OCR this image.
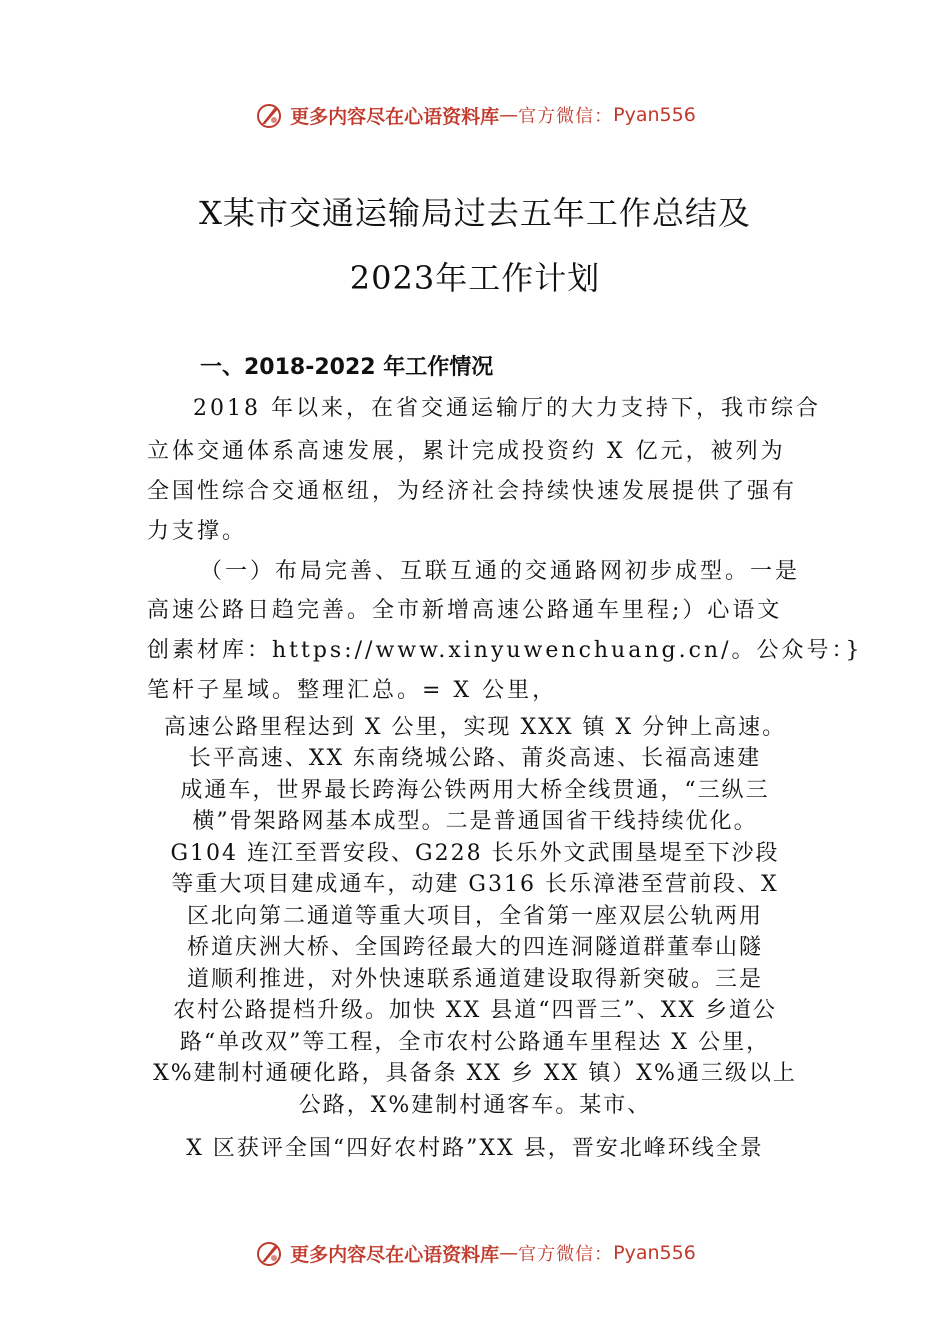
更多内容尽在心语资料库 — 官方微信： Pyan556
X某市交通运输局过去五年工作总结及
2023年工作计划
一、2018-2022 年工作情况
2018 年以来，在省交通运输厅的大力支持下，我市综合
立体交通体系高速发展，累计完成投资约 X 亿元，被列为
全国性综合交通枢纽，为经济社会持续快速发展提供了强有
力支撑。
（一）布局完善、互联互通的交通路网初步成型。一是
高速公路日趋完善。全市新增高速公路通车里程;）心语文
创素材库：https://www.xinyuwenchuang.cn/。公众号：}
笔杆子星域。整理汇总。= X 公里，
高速公路里程达到 X 公里，实现 XXX 镇 X 分钟上高速。
长平高速、XX 东南绕城公路、莆炎高速、长福高速建
成通车，世界最长跨海公铁两用大桥全线贯通，“三纵三
横”骨架路网基本成型。二是普通国省干线持续优化。
G104 连江至晋安段、G228 长乐外文武围垦堤至下沙段
等重大项目建成通车，动建 G316 长乐漳港至营前段、X
区北向第二通道等重大项目，全省第一座双层公轨两用
桥道庆洲大桥、全国跨径最大的四连洞隧道群董奉山隧
道顺利推进，对外快速联系通道建设取得新突破。三是
农村公路提档升级。加快 XX 县道“四晋三”、XX 乡道公
路“单改双”等工程，全市农村公路通车里程达 X 公里，
X%建制村通硬化路，具备条 XX 乡 XX 镇）X%通三级以上
公路，X%建制村通客车。某市、
X 区获评全国“四好农村路”XX 县，晋安北峰环线全景
更多内容尽在心语资料库 — 官方微信： Pyan556
